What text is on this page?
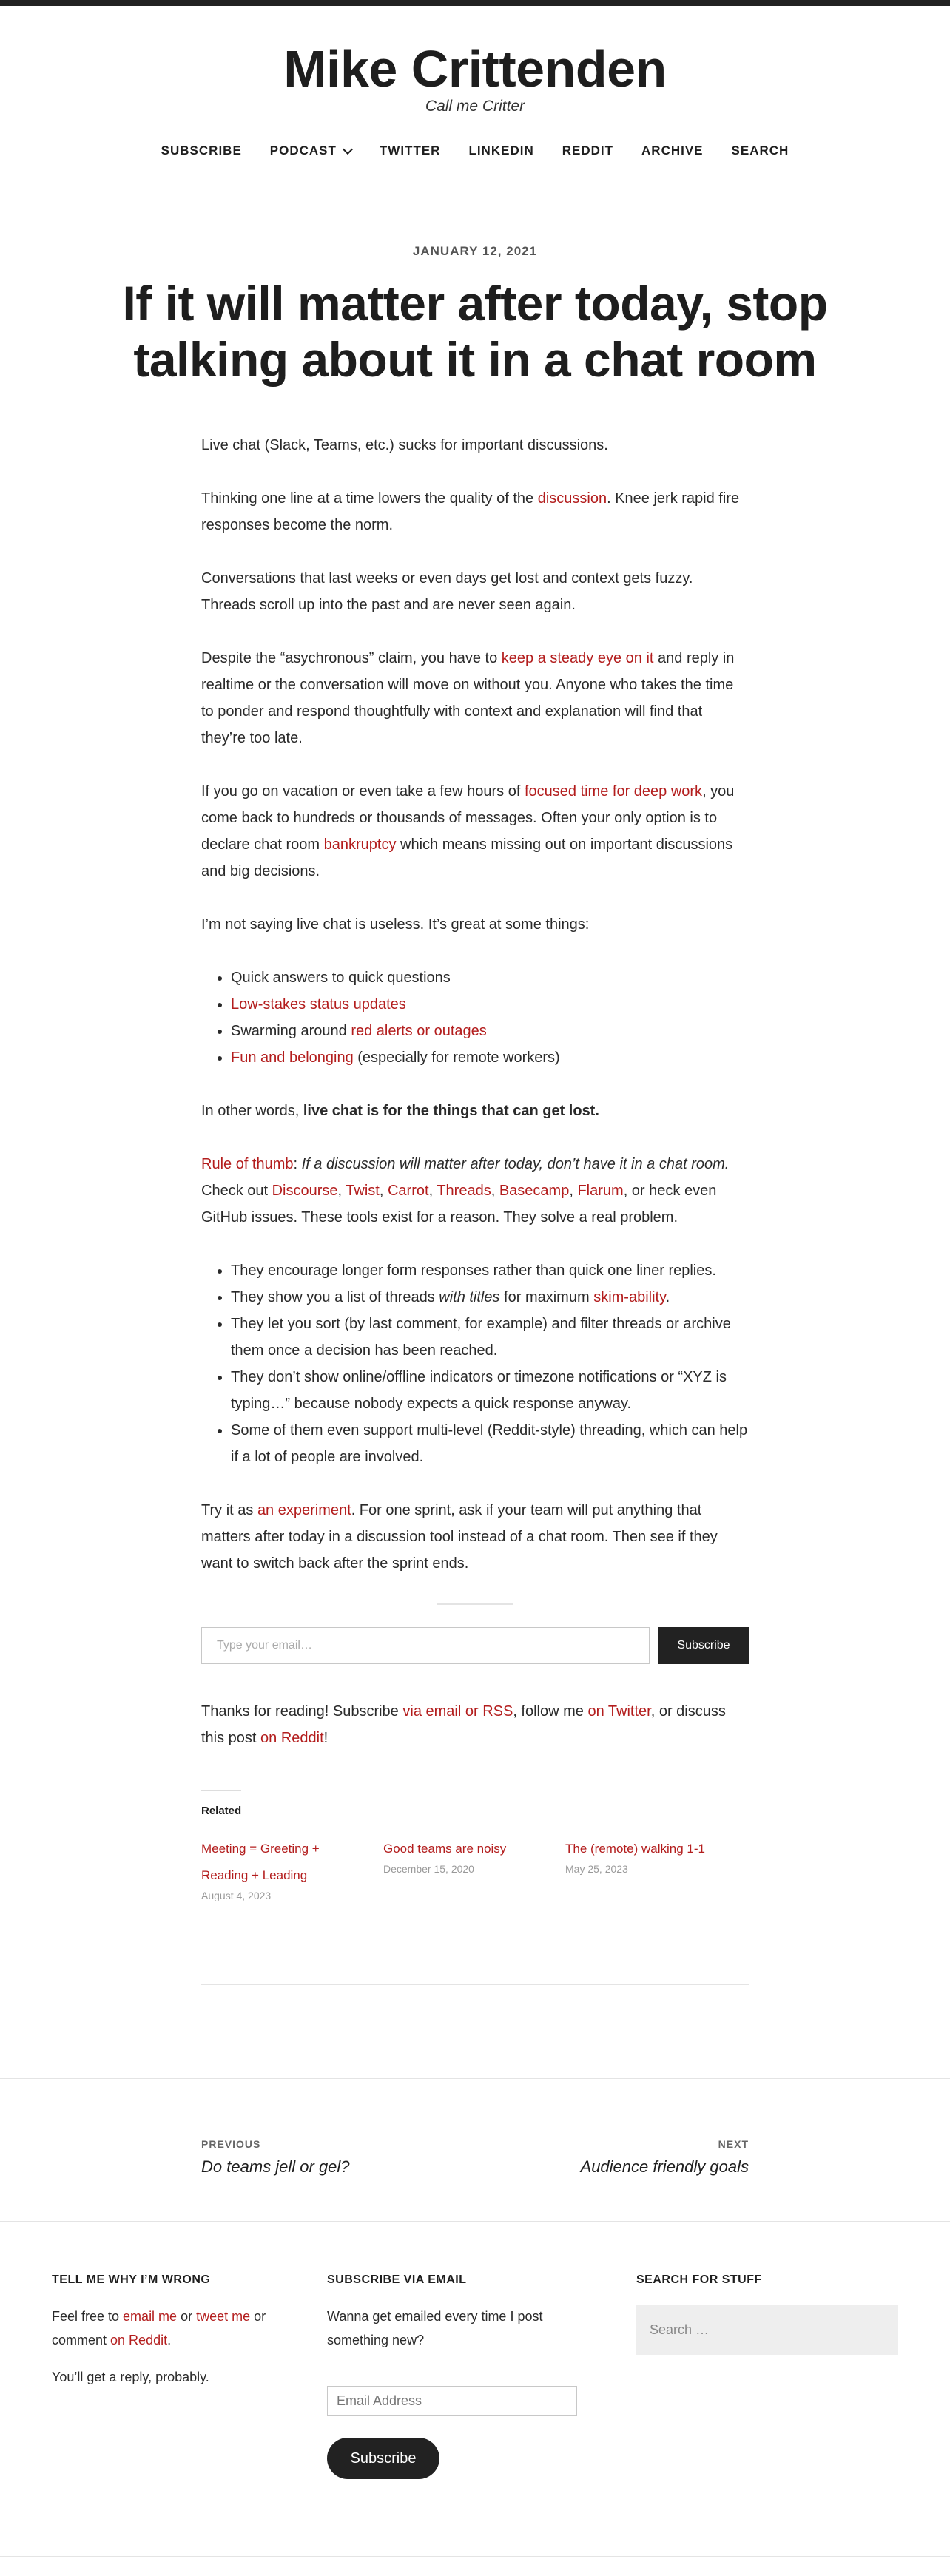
Mike Crittenden
Call me Critter
SUBSCRIBE	PODCAST	TWITTER	LINKEDIN	REDDIT	ARCHIVE	SEARCH
JANUARY 12, 2021
If it will matter after today, stop talking about it in a chat room

Live chat (Slack, Teams, etc.) sucks for important discussions.

Thinking one line at a time lowers the quality of the discussion. Knee jerk rapid fire responses become the norm.

Conversations that last weeks or even days get lost and context gets fuzzy. Threads scroll up into the past and are never seen again.

Despite the “asychronous” claim, you have to keep a steady eye on it and reply in realtime or the conversation will move on without you. Anyone who takes the time to ponder and respond thoughtfully with context and explanation will find that they’re too late.

If you go on vacation or even take a few hours of focused time for deep work, you come back to hundreds or thousands of messages. Often your only option is to declare chat room bankruptcy which means missing out on important discussions and big decisions.

I’m not saying live chat is useless. It’s great at some things:

• Quick answers to quick questions
• Low-stakes status updates
• Swarming around red alerts or outages
• Fun and belonging (especially for remote workers)

In other words, live chat is for the things that can get lost.

Rule of thumb: If a discussion will matter after today, don’t have it in a chat room. Check out Discourse, Twist, Carrot, Threads, Basecamp, Flarum, or heck even GitHub issues. These tools exist for a reason. They solve a real problem.

• They encourage longer form responses rather than quick one liner replies.
• They show you a list of threads with titles for maximum skim-ability.
• They let you sort (by last comment, for example) and filter threads or archive them once a decision has been reached.
• They don’t show online/offline indicators or timezone notifications or “XYZ is typing…” because nobody expects a quick response anyway.
• Some of them even support multi-level (Reddit-style) threading, which can help if a lot of people are involved.

Try it as an experiment. For one sprint, ask if your team will put anything that matters after today in a discussion tool instead of a chat room. Then see if they want to switch back after the sprint ends.

Type your email…
Subscribe

Thanks for reading! Subscribe via email or RSS, follow me on Twitter, or discuss this post on Reddit!

Related
Meeting = Greeting + Reading + Leading
August 4, 2023
Good teams are noisy
December 15, 2020
The (remote) walking 1-1
May 25, 2023
PREVIOUS
Do teams jell or gel?
NEXT
Audience friendly goals
TELL ME WHY I’M WRONG

Feel free to email me or tweet me or comment on Reddit.

You’ll get a reply, probably.

SUBSCRIBE VIA EMAIL

Wanna get emailed every time I post something new?

Email Address
Subscribe
SEARCH FOR STUFF
Search …
